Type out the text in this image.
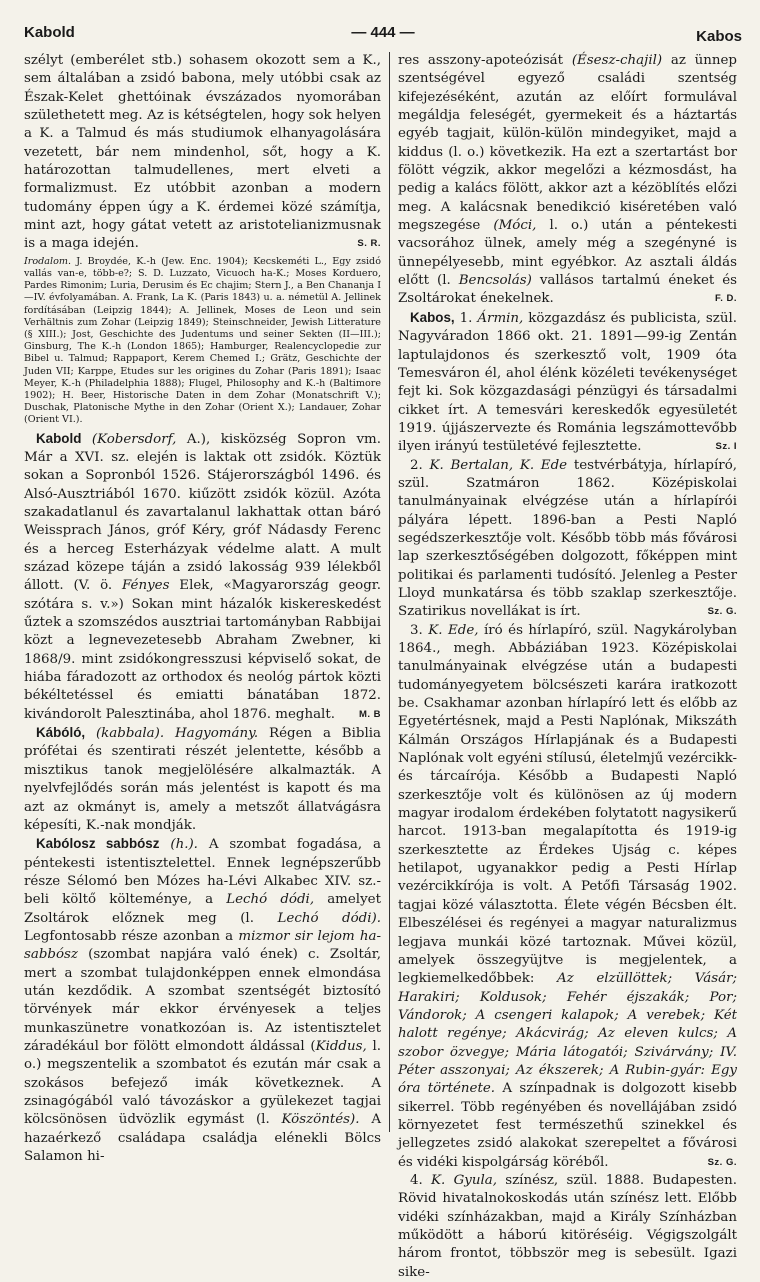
Kabold	— 444 —	Kabos

szélyt (emberélet stb.) sohasem okozott sem a K., sem általában a zsidó babona, mely utóbbi csak az Észak-Kelet ghettóinak évszázados nyomorában születhetett meg. Az is kétségtelen, hogy sok helyen a K. a Talmud és más studiumok elhanyagolására vezetett, bár nem mindenhol, sőt, hogy a K. határozottan talmudellenes, mert elveti a formalizmust. Ez utóbbit azonban a modern tudomány éppen úgy a K. érdemei közé számítja, mint azt, hogy gátat vetett az aristotelianizmusnak is a maga idején.	S. R.

Irodalom. J. Broydée, K.-h (Jew. Enc. 1904); Kecskeméti L., Egy zsidó vallás van-e, több-e?; S. D. Luzzato, Vicuoch ha-K.; Moses Korduero, Pardes Rimonim; Luria, Derusim és Ec chajim; Stern J., a Ben Chananja I—IV. évfolyamában. A. Frank, La K. (Paris 1843) u. a. németül A. Jellinek fordításában (Leipzig 1844); A. Jellinek, Moses de Leon und sein Verhältnis zum Zohar (Leipzig 1849); Steinschneider, Jewish Litterature (§ XIII.); Jost, Geschichte des Judentums und seiner Sekten (II—III.); Ginsburg, The K.-h (London 1865); Hamburger, Realencyclopedie zur Bibel u. Talmud; Rappaport, Kerem Chemed I.; Grätz, Geschichte der Juden VII; Karppe, Etudes sur les origines du Zohar (Paris 1891); Isaac Meyer, K.-h (Philadelphia 1888); Flugel, Philosophy and K.-h (Baltimore 1902); H. Beer, Historische Daten in dem Zohar (Monatschrift V.); Duschak, Platonische Mythe in den Zohar (Orient X.); Landauer, Zohar (Orient VI.).

Kabold (Kobersdorf, A.), kisközség Sopron vm. Már a XVI. sz. elején is laktak ott zsidók. Köztük sokan a Sopronból 1526. Stájerországból 1496. és Alsó-Ausztriából 1670. kiűzött zsidók közül. Azóta szakadatlanul és zavartalanul lakhattak ottan báró Weissprach János, gróf Kéry, gróf Nádasdy Ferenc és a herceg Esterházyak védelme alatt. A mult század közepe táján a zsidó lakosság 939 lélekből állott. (V. ö. Fényes Elek, «Magyarország geogr. szótára s. v.») Sokan mint házalók kiskereskedést űztek a szomszédos ausztriai tartományban Rabbijai közt a legnevezetesebb Abraham Zwebner, ki 1868/9. mint zsidókongresszusi képviselő sokat, de hiába fáradozott az orthodox és neológ pártok közti békéltetéssel és emiatti bánatában 1872. kivándorolt Palesztinába, ahol 1876. meghalt.	M. B

Kábóló, (kabbala). Hagyomány. Régen a Biblia prófétai és szentirati részét jelentette, később a misztikus tanok megjelölésére alkalmazták. A nyelvfejlődés során más jelentést is kapott és ma azt az okmányt is, amely a metszőt állatvágásra képesíti, K.-nak mondják.

Kabólosz sabbósz (h.). A szombat fogadása, a péntekesti istentisztelettel. Ennek legnépszerűbb része Sélomó ben Mózes ha-Lévi Alkabec XIV. sz.-beli költő költeménye, a Lechó dódi, amelyet Zsoltárok előznek meg (l. Lechó dódi). Legfontosabb része azonban a mizmor sir lejom ha-sabbósz (szombat napjára való ének) c. Zsoltár, mert a szombat tulajdonképpen ennek elmondása után kezdődik. A szombat szentségét biztosító törvények már ekkor érvényesek a teljes munkaszünetre vonatkozóan is. Az istentisztelet záradékául bor fölött elmondott áldással (Kiddus, l. o.) megszentelik a szombatot és ezután már csak a szokásos befejező imák következnek. A zsinagógából való távozáskor a gyülekezet tagjai kölcsönösen üdvözlik egymást (l. Köszöntés). A hazaérkező családapa családja elénekli Bölcs Salamon hi-

res asszony-apoteózisát (Ésesz-chajil) az ünnep szentségével egyező családi szentség kifejezéséként, azután az előírt formulával megáldja feleségét, gyermekeit és a háztartás egyéb tagjait, külön-külön mindegyiket, majd a kiddus (l. o.) következik. Ha ezt a szertartást bor fölött végzik, akkor megelőzi a kézmosdást, ha pedig a kalács fölött, akkor azt a kézöblítés előzi meg. A kalácsnak benedikció kiséretében való megszegése (Móci, l. o.) után a péntekesti vacsorához ülnek, amely még a szegényné is ünnepélyesebb, mint egyébkor. Az asztali áldás előtt (l. Bencsolás) vallásos tartalmú éneket és Zsoltárokat énekelnek.	F. D.

Kabos, 1. Ármin, közgazdász és publicista, szül. Nagyváradon 1866 okt. 21. 1891—99-ig Zentán laptulajdonos és szerkesztő volt, 1909 óta Temesváron él, ahol élénk közéleti tevékenységet fejt ki. Sok közgazdasági pénzügyi és társadalmi cikket írt. A temesvári kereskedők egyesületét 1919. újjászervezte és Románia legszámottevőbb ilyen irányú testületévé fejlesztette.	Sz. I

2. K. Bertalan, K. Ede testvérbátyja, hírlapíró, szül. Szatmáron 1862. Középiskolai tanulmányainak elvégzése után a hírlapírói pályára lépett. 1896-ban a Pesti Napló segédszerkesztője volt. Később több más fővárosi lap szerkesztőségében dolgozott, főképpen mint politikai és parlamenti tudósító. Jelenleg a Pester Lloyd munkatársa és több szaklap szerkesztője. Szatirikus novellákat is írt.	Sz. G.

3. K. Ede, író és hírlapíró, szül. Nagykárolyban 1864., megh. Abbáziában 1923. Középiskolai tanulmányainak elvégzése után a budapesti tudományegyetem bölcsészeti karára iratkozott be. Csakhamar azonban hírlapíró lett és előbb az Egyetértésnek, majd a Pesti Naplónak, Mikszáth Kálmán Országos Hírlapjának és a Budapesti Naplónak volt egyéni stílusú, életelmjű vezércikk- és tárcaírója. Később a Budapesti Napló szerkesztője volt és különösen az új modern magyar irodalom érdekében folytatott nagysikerű harcot. 1913-ban megalapította és 1919-ig szerkesztette az Érdekes Ujság c. képes hetilapot, ugyanakkor pedig a Pesti Hírlap vezércikkírója is volt. A Petőfi Társaság 1902. tagjai közé választotta. Élete végén Bécsben élt. Elbeszélései és regényei a magyar naturalizmus legjava munkái közé tartoznak. Művei közül, amelyek összegyüjtve is megjelentek, a legkiemelkedőbbek: Az elzüllöttek; Vásár; Harakiri; Koldusok; Fehér éjszakák; Por; Vándorok; A csengeri kalapok; A verebek; Két halott regénye; Akácvirág; Az eleven kulcs; A szobor özvegye; Mária látogatói; Szivárvány; IV. Péter asszonyai; Az ékszerek; A Rubin-gyár: Egy óra története. A színpadnak is dolgozott kisebb sikerrel. Több regényében és novellájában zsidó környezetet fest természethű szinekkel és jellegzetes zsidó alakokat szerepeltet a fővárosi és vidéki kispolgárság köréből.	Sz. G.

4. K. Gyula, színész, szül. 1888. Budapesten. Rövid hivatalnokoskodás után színész lett. Előbb vidéki színházakban, majd a Király Színházban működött a háború kitöréséig. Végigszolgált három frontot, többször meg is sebesült. Igazi sike-
